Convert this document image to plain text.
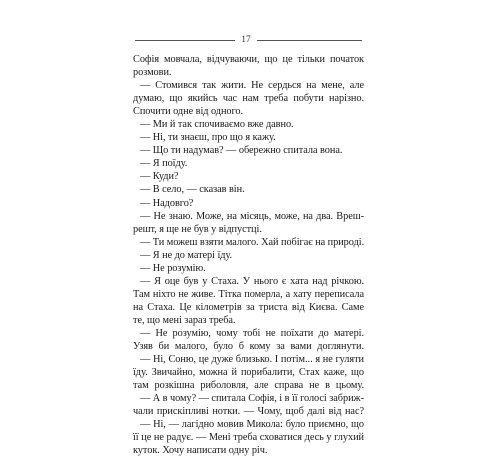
17
Софія мовчала, відчуваючи, що це тільки початок
розмови.
— Стомився так жити. Не сердься на мене, але
думаю, що якийсь час нам треба побути нарізно.
Спочити одне від одного.
— Ми й так спочиваємо вже давно.
— Ні, ти знаєш, про що я кажу.
— Що ти надумав? — обережно спитала вона.
— Я поїду.
— Куди?
— В село, — сказав він.
— Надовго?
— Не знаю. Може, на місяць, може, на два. Вреш-
решт, я ще не був у відпустці.
— Ти можеш взяти малого. Хай побігає на природі.
— Я не до матері їду.
— Не розумію.
— Я оце був у Стаха. У нього є хата над річкою.
Там ніхто не живе. Тітка померла, а хату переписала
на Стаха. Це кілометрів за триста від Києва. Саме
те, що мені зараз треба.
— Не розумію, чому тобі не поїхати до матері.
Узяв би малого, було б кому за вами доглянути.
— Ні, Соню, це дуже близько. І потім... я не гуляти
їду. Звичайно, можна й порибалити, Стах каже, що
там розкішна риболовля, але справа не в цьому.
— А в чому? — спитала Софія, і в її голосі забриж-
чали прискіпливі нотки. — Чому, щоб далі від нас?
— Ні, — лагідно мовив Микола: було приємно, що
її це не радує. — Мені треба сховатися десь у глухий
куток. Хочу написати одну річ.
